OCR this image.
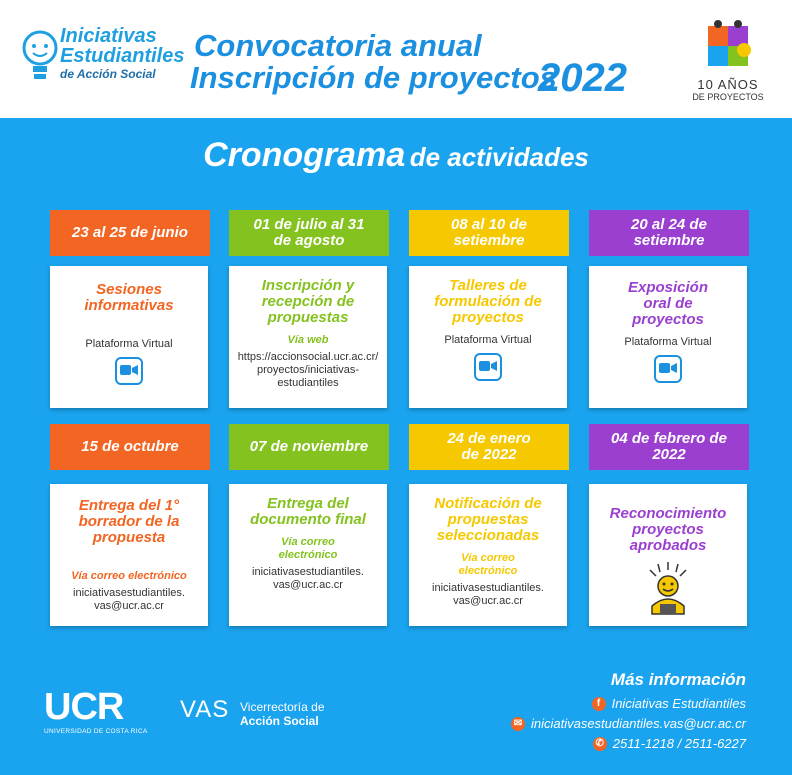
Iniciativas
Estudiantiles
de Acción Social
Convocatoria anual
Inscripción de proyectos
2022	10 AÑOS
DE PROYECTOS
Cronograma de actividades
23 al 25 de junio
Sesiones informativas
Plataforma Virtual
01 de julio al 31 de agosto
Inscripción y recepción de propuestas
Vía web
https://accionsocial.ucr.ac.cr/ proyectos/iniciativas- estudiantiles
08 al 10 de setiembre
Talleres de formulación de proyectos
Plataforma Virtual
20 al 24 de setiembre
Exposición oral de proyectos
Plataforma Virtual
15 de octubre
Entrega del 1° borrador de la propuesta
Vía correo electrónico
iniciativasestudiantiles. vas@ucr.ac.cr
07 de noviembre
Entrega del documento final
Vía correo electrónico
iniciativasestudiantiles. vas@ucr.ac.cr
24 de enero de 2022
Notificación de propuestas seleccionadas
Vía correo electrónico
iniciativasestudiantiles. vas@ucr.ac.cr
04 de febrero de 2022
Reconocimiento proyectos aprobados
UCR
UNIVERSIDAD DE COSTA RICA
VAS Vicerrectoría de
Acción Social
Más información
f Iniciativas Estudiantiles
✉ iniciativasestudiantiles.vas@ucr.ac.cr
✆ 2511-1218 / 2511-6227
